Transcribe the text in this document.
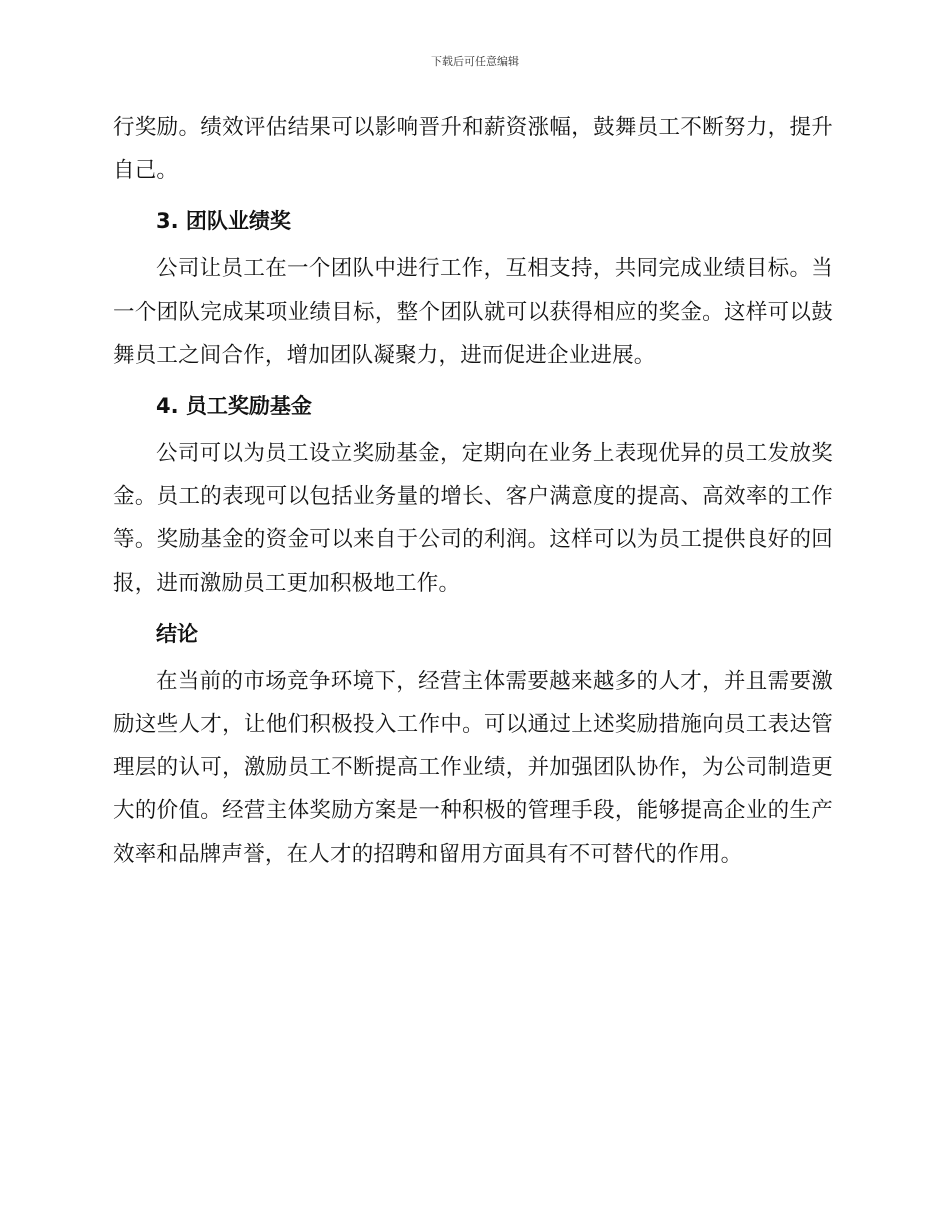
下载后可任意编辑

行奖励。绩效评估结果可以影响晋升和薪资涨幅，鼓舞员工不断努力，提升自己。

3. 团队业绩奖

公司让员工在一个团队中进行工作，互相支持，共同完成业绩目标。当一个团队完成某项业绩目标，整个团队就可以获得相应的奖金。这样可以鼓舞员工之间合作，增加团队凝聚力，进而促进企业进展。

4. 员工奖励基金

公司可以为员工设立奖励基金，定期向在业务上表现优异的员工发放奖金。员工的表现可以包括业务量的增长、客户满意度的提高、高效率的工作等。奖励基金的资金可以来自于公司的利润。这样可以为员工提供良好的回报，进而激励员工更加积极地工作。

结论

在当前的市场竞争环境下，经营主体需要越来越多的人才，并且需要激励这些人才，让他们积极投入工作中。可以通过上述奖励措施向员工表达管理层的认可，激励员工不断提高工作业绩，并加强团队协作，为公司制造更大的价值。经营主体奖励方案是一种积极的管理手段，能够提高企业的生产效率和品牌声誉，在人才的招聘和留用方面具有不可替代的作用。
